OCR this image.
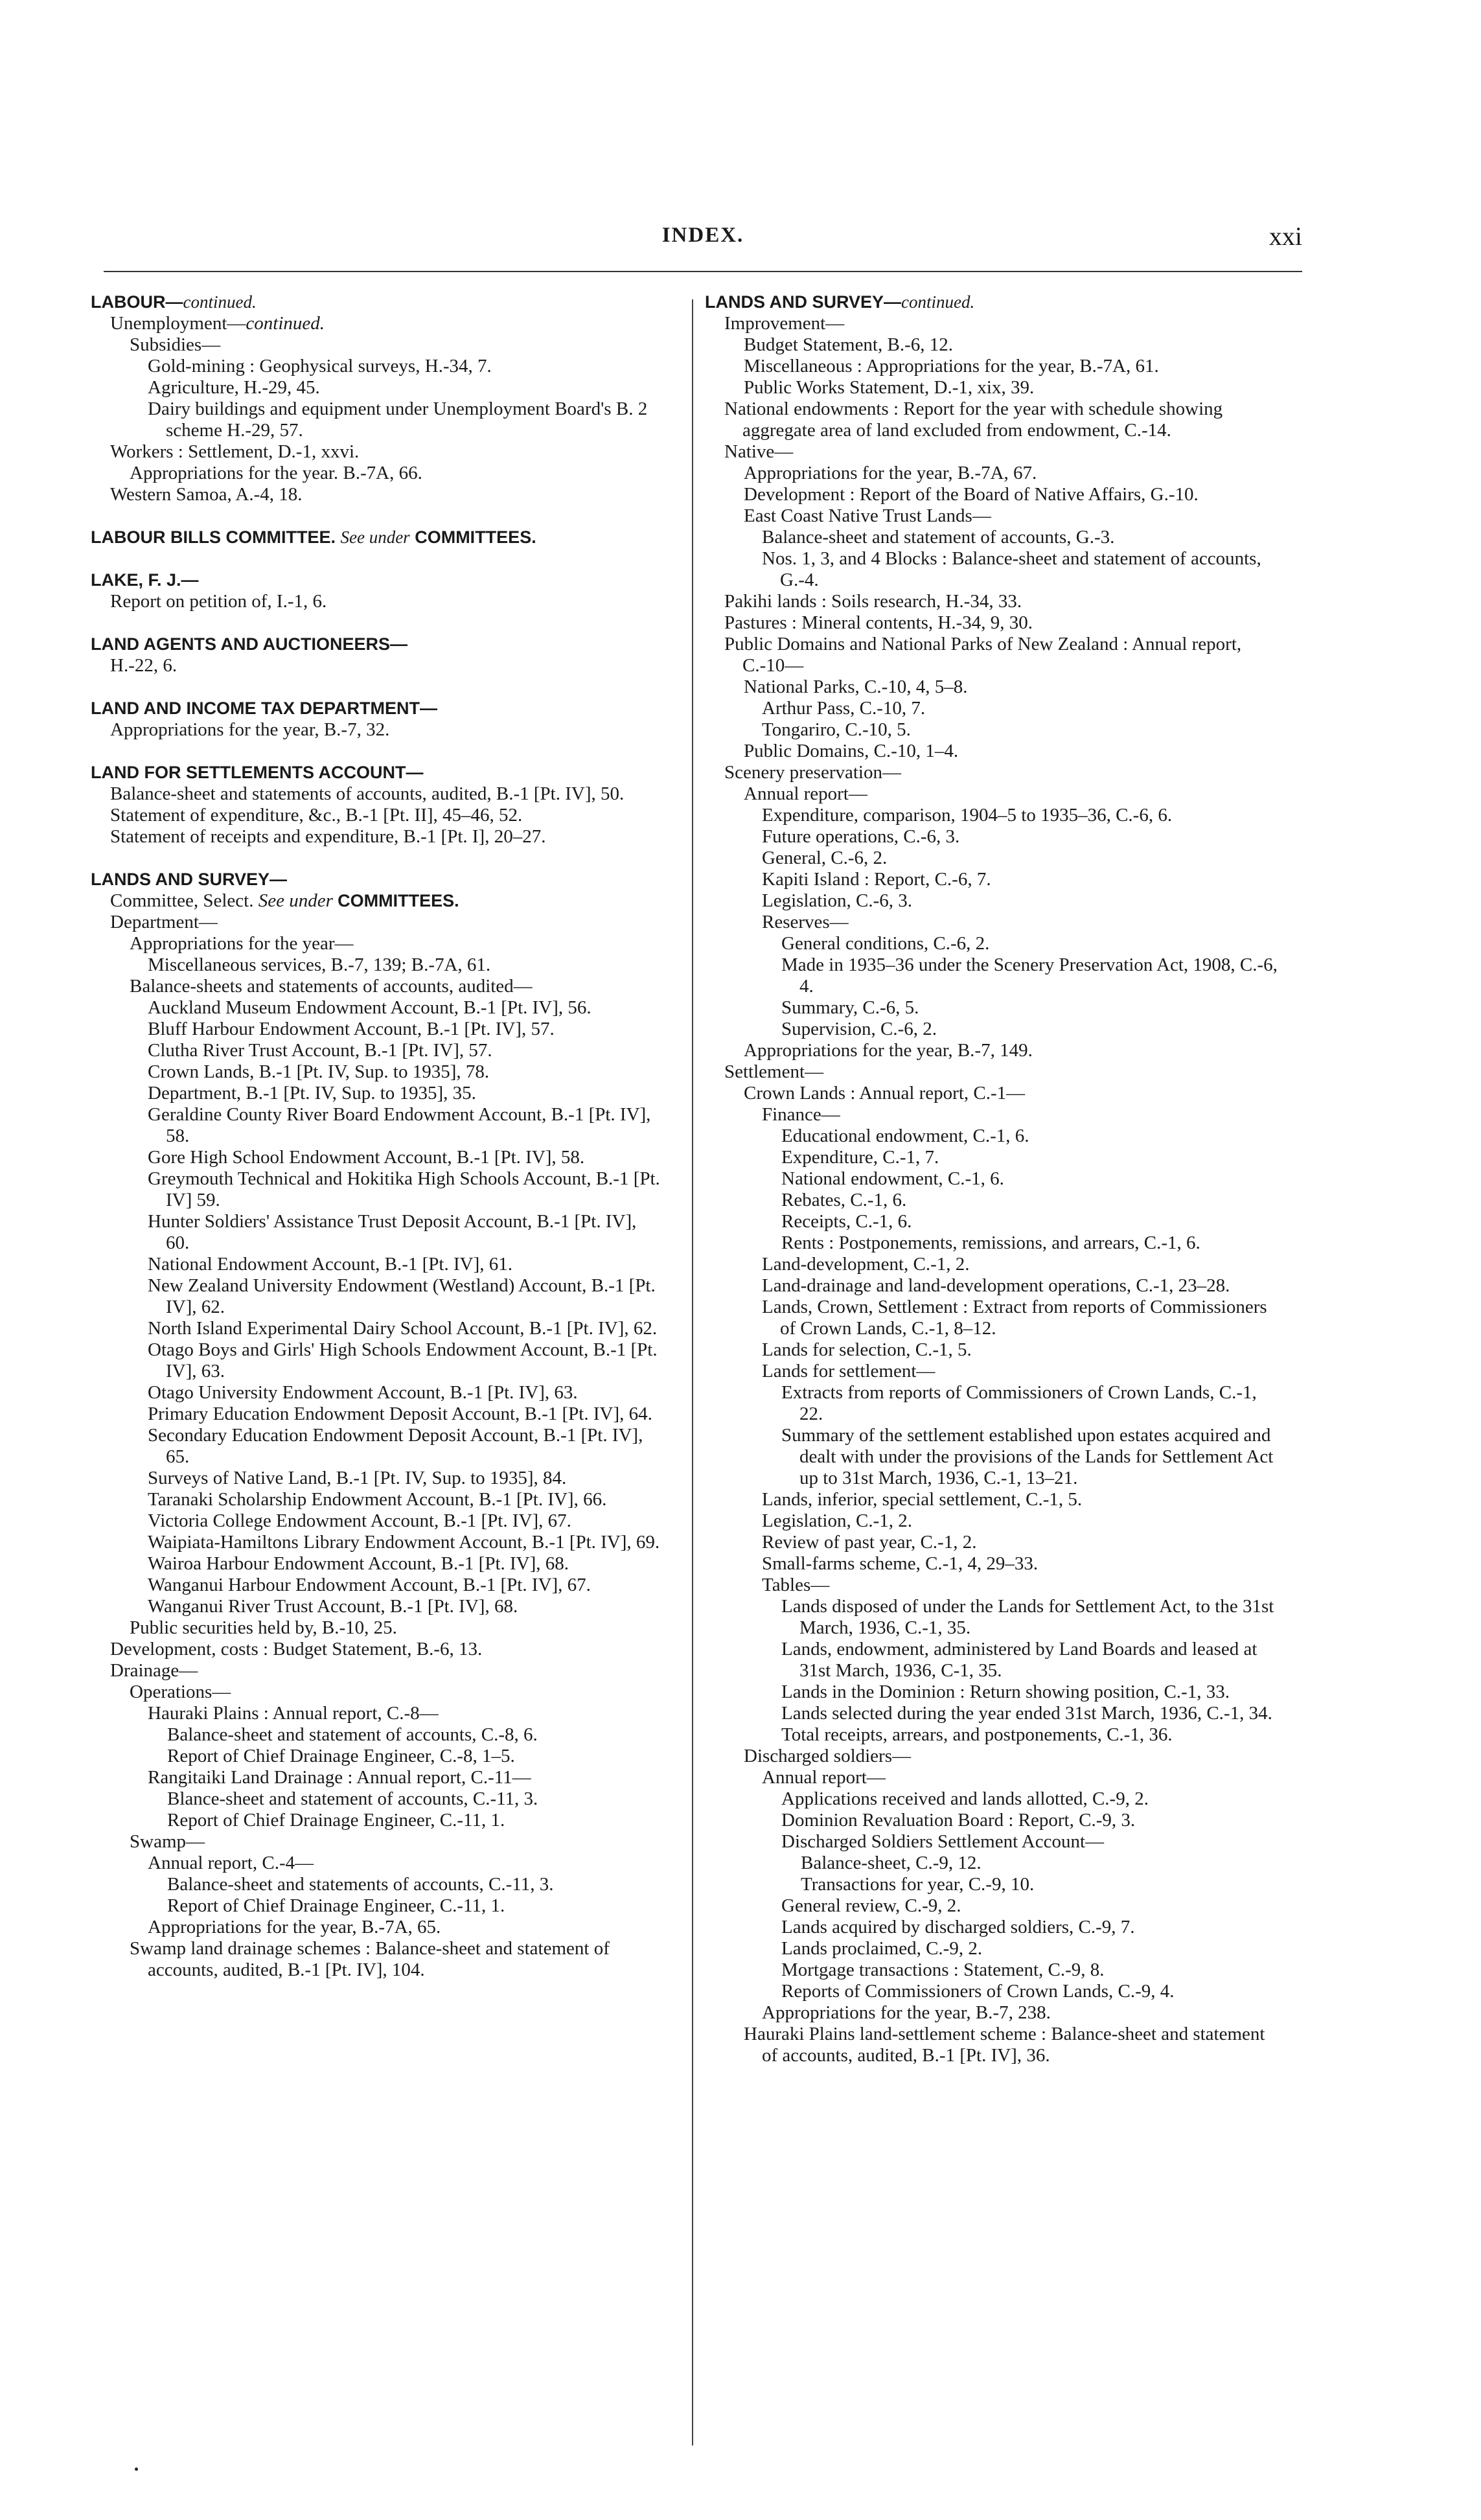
INDEX.	xxi
LABOUR—continued.
Unemployment—continued.
Subsidies—
Gold-mining : Geophysical surveys, H.-34, 7.
Agriculture, H.-29, 45.
Dairy buildings and equipment under Unemployment Board's B. 2 scheme H.-29, 57.
Workers : Settlement, D.-1, xxvi.
Appropriations for the year. B.-7A, 66.
Western Samoa, A.-4, 18.
LABOUR BILLS COMMITTEE. See under COMMITTEES.
LAKE, F. J.—
Report on petition of, I.-1, 6.
LAND AGENTS AND AUCTIONEERS—
H.-22, 6.
LAND AND INCOME TAX DEPARTMENT—
Appropriations for the year, B.-7, 32.
LAND FOR SETTLEMENTS ACCOUNT—
Balance-sheet and statements of accounts, audited, B.-1 [Pt. IV], 50.
Statement of expenditure, &c., B.-1 [Pt. II], 45–46, 52.
Statement of receipts and expenditure, B.-1 [Pt. I], 20–27.
LANDS AND SURVEY—
Committee, Select. See under COMMITTEES.
Department—
Appropriations for the year—
Miscellaneous services, B.-7, 139; B.-7A, 61.
Balance-sheets and statements of accounts, audited—
Auckland Museum Endowment Account, B.-1 [Pt. IV], 56.
Bluff Harbour Endowment Account, B.-1 [Pt. IV], 57.
Clutha River Trust Account, B.-1 [Pt. IV], 57.
Crown Lands, B.-1 [Pt. IV, Sup. to 1935], 78.
Department, B.-1 [Pt. IV, Sup. to 1935], 35.
Geraldine County River Board Endowment Account, B.-1 [Pt. IV], 58.
Gore High School Endowment Account, B.-1 [Pt. IV], 58.
Greymouth Technical and Hokitika High Schools Account, B.-1 [Pt. IV] 59.
Hunter Soldiers' Assistance Trust Deposit Account, B.-1 [Pt. IV], 60.
National Endowment Account, B.-1 [Pt. IV], 61.
New Zealand University Endowment (Westland) Account, B.-1 [Pt. IV], 62.
North Island Experimental Dairy School Account, B.-1 [Pt. IV], 62.
Otago Boys and Girls' High Schools Endowment Account, B.-1 [Pt. IV], 63.
Otago University Endowment Account, B.-1 [Pt. IV], 63.
Primary Education Endowment Deposit Account, B.-1 [Pt. IV], 64.
Secondary Education Endowment Deposit Account, B.-1 [Pt. IV], 65.
Surveys of Native Land, B.-1 [Pt. IV, Sup. to 1935], 84.
Taranaki Scholarship Endowment Account, B.-1 [Pt. IV], 66.
Victoria College Endowment Account, B.-1 [Pt. IV], 67.
Waipiata-Hamiltons Library Endowment Account, B.-1 [Pt. IV], 69.
Wairoa Harbour Endowment Account, B.-1 [Pt. IV], 68.
Wanganui Harbour Endowment Account, B.-1 [Pt. IV], 67.
Wanganui River Trust Account, B.-1 [Pt. IV], 68.
Public securities held by, B.-10, 25.
Development, costs : Budget Statement, B.-6, 13.
Drainage—
Operations—
Hauraki Plains : Annual report, C.-8—
Balance-sheet and statement of accounts, C.-8, 6.
Report of Chief Drainage Engineer, C.-8, 1–5.
Rangitaiki Land Drainage : Annual report, C.-11—
Blance-sheet and statement of accounts, C.-11, 3.
Report of Chief Drainage Engineer, C.-11, 1.
Swamp—
Annual report, C.-4—
Balance-sheet and statements of accounts, C.-11, 3.
Report of Chief Drainage Engineer, C.-11, 1.
Appropriations for the year, B.-7A, 65.
Swamp land drainage schemes : Balance-sheet and statement of accounts, audited, B.-1 [Pt. IV], 104.
LANDS AND SURVEY—continued.
Improvement—
Budget Statement, B.-6, 12.
Miscellaneous : Appropriations for the year, B.-7A, 61.
Public Works Statement, D.-1, xix, 39.
National endowments : Report for the year with schedule showing aggregate area of land excluded from endowment, C.-14.
Native—
Appropriations for the year, B.-7A, 67.
Development : Report of the Board of Native Affairs, G.-10.
East Coast Native Trust Lands—
Balance-sheet and statement of accounts, G.-3.
Nos. 1, 3, and 4 Blocks : Balance-sheet and statement of accounts, G.-4.
Pakihi lands : Soils research, H.-34, 33.
Pastures : Mineral contents, H.-34, 9, 30.
Public Domains and National Parks of New Zealand : Annual report, C.-10—
National Parks, C.-10, 4, 5–8.
Arthur Pass, C.-10, 7.
Tongariro, C.-10, 5.
Public Domains, C.-10, 1–4.
Scenery preservation—
Annual report—
Expenditure, comparison, 1904–5 to 1935–36, C.-6, 6.
Future operations, C.-6, 3.
General, C.-6, 2.
Kapiti Island : Report, C.-6, 7.
Legislation, C.-6, 3.
Reserves—
General conditions, C.-6, 2.
Made in 1935–36 under the Scenery Preservation Act, 1908, C.-6, 4.
Summary, C.-6, 5.
Supervision, C.-6, 2.
Appropriations for the year, B.-7, 149.
Settlement—
Crown Lands : Annual report, C.-1—
Finance—
Educational endowment, C.-1, 6.
Expenditure, C.-1, 7.
National endowment, C.-1, 6.
Rebates, C.-1, 6.
Receipts, C.-1, 6.
Rents : Postponements, remissions, and arrears, C.-1, 6.
Land-development, C.-1, 2.
Land-drainage and land-development operations, C.-1, 23–28.
Lands, Crown, Settlement : Extract from reports of Commissioners of Crown Lands, C.-1, 8–12.
Lands for selection, C.-1, 5.
Lands for settlement—
Extracts from reports of Commissioners of Crown Lands, C.-1, 22.
Summary of the settlement established upon estates acquired and dealt with under the provisions of the Lands for Settlement Act up to 31st March, 1936, C.-1, 13–21.
Lands, inferior, special settlement, C.-1, 5.
Legislation, C.-1, 2.
Review of past year, C.-1, 2.
Small-farms scheme, C.-1, 4, 29–33.
Tables—
Lands disposed of under the Lands for Settlement Act, to the 31st March, 1936, C.-1, 35.
Lands, endowment, administered by Land Boards and leased at 31st March, 1936, C-1, 35.
Lands in the Dominion : Return showing position, C.-1, 33.
Lands selected during the year ended 31st March, 1936, C.-1, 34.
Total receipts, arrears, and postponements, C.-1, 36.
Discharged soldiers—
Annual report—
Applications received and lands allotted, C.-9, 2.
Dominion Revaluation Board : Report, C.-9, 3.
Discharged Soldiers Settlement Account—
Balance-sheet, C.-9, 12.
Transactions for year, C.-9, 10.
General review, C.-9, 2.
Lands acquired by discharged soldiers, C.-9, 7.
Lands proclaimed, C.-9, 2.
Mortgage transactions : Statement, C.-9, 8.
Reports of Commissioners of Crown Lands, C.-9, 4.
Appropriations for the year, B.-7, 238.
Hauraki Plains land-settlement scheme : Balance-sheet and statement of accounts, audited, B.-1 [Pt. IV], 36.
